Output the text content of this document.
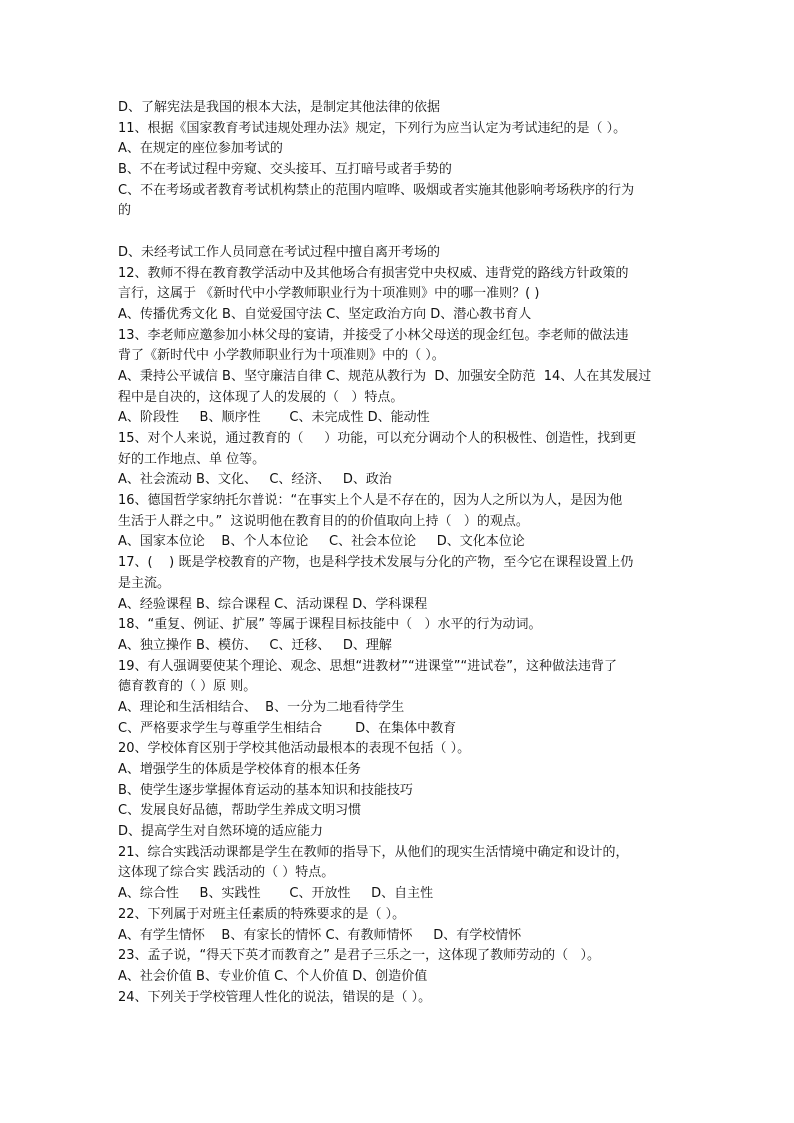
D、了解宪法是我国的根本大法，是制定其他法律的依据
11、根据《国家教育考试违规处理办法》规定，下列行为应当认定为考试违纪的是（ ）。
A、在规定的座位参加考试的
B、不在考试过程中旁窥、交头接耳、互打暗号或者手势的
C、不在考场或者教育考试机构禁止的范围内喧哗、吸烟或者实施其他影响考场秩序的行为
的
D、未经考试工作人员同意在考试过程中擅自离开考场的
12、教师不得在教育教学活动中及其他场合有损害党中央权威、违背党的路线方针政策的
言行，这属于 《新时代中小学教师职业行为十项准则》中的哪一准则？( )
A、传播优秀文化 B、自觉爱国守法 C、坚定政治方向 D、潜心教书育人
13、李老师应邀参加小林父母的宴请，并接受了小林父母送的现金红包。李老师的做法违
背了《新时代中 小学教师职业行为十项准则》中的（ ）。
A、秉持公平诚信 B、坚守廉洁自律 C、规范从教行为  D、加强安全防范  14、人在其发展过
程中是自决的，这体现了人的发展的（   ）特点。
A、阶段性     B、顺序性       C、未完成性 D、能动性
15、对个人来说，通过教育的（     ）功能，可以充分调动个人的积极性、创造性，找到更
好的工作地点、单 位等。
A、社会流动 B、文化、   C、经济、   D、政治
16、德国哲学家纳托尔普说：“在事实上个人是不存在的，因为人之所以为人，是因为他
生活于人群之中。”  这说明他在教育目的的价值取向上持（   ）的观点。
A、国家本位论    B、个人本位论     C、社会本位论     D、文化本位论
17、(    ) 既是学校教育的产物，也是科学技术发展与分化的产物，至今它在课程设置上仍
是主流。
A、经验课程 B、综合课程 C、活动课程 D、学科课程
18、“重复、例证、扩展” 等属于课程目标技能中（   ）水平的行为动词。
A、独立操作 B、模仿、   C、迁移、   D、理解
19、有人强调要使某个理论、观念、思想“进教材”“进课堂”“进试卷”，这种做法违背了
德育教育的（ ）原 则。
A、理论和生活相结合、  B、一分为二地看待学生
C、严格要求学生与尊重学生相结合        D、在集体中教育
20、学校体育区别于学校其他活动最根本的表现不包括（ ）。
A、增强学生的体质是学校体育的根本任务
B、使学生逐步掌握体育运动的基本知识和技能技巧
C、发展良好品德，帮助学生养成文明习惯
D、提高学生对自然环境的适应能力
21、综合实践活动课都是学生在教师的指导下，从他们的现实生活情境中确定和设计的，
这体现了综合实 践活动的（ ）特点。
A、综合性     B、实践性       C、开放性     D、自主性
22、下列属于对班主任素质的特殊要求的是（ ）。
A、有学生情怀    B、有家长的情怀 C、有教师情怀     D、有学校情怀
23、孟子说，“得天下英才而教育之” 是君子三乐之一，这体现了教师劳动的（   ）。
A、社会价值 B、专业价值 C、个人价值 D、创造价值
24、下列关于学校管理人性化的说法，错误的是（ ）。
